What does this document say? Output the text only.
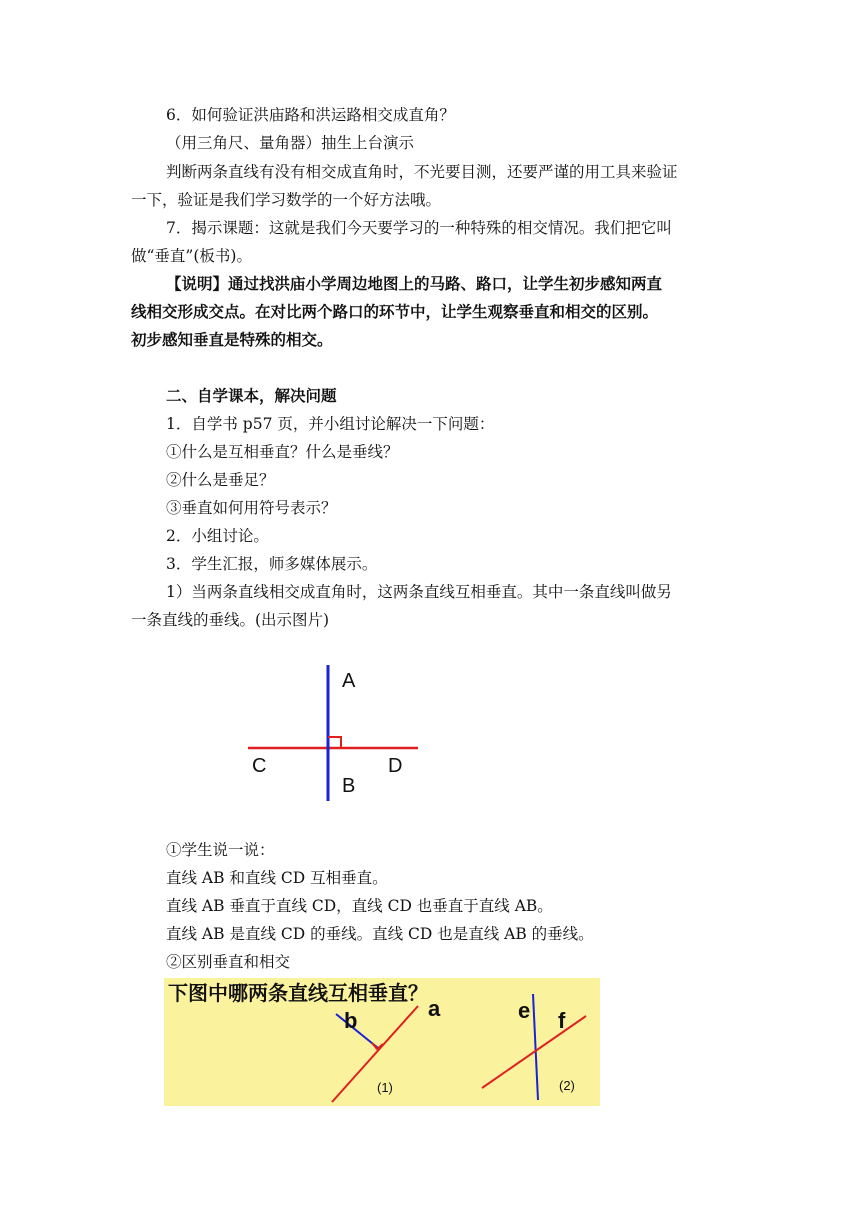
6．如何验证洪庙路和洪运路相交成直角？
（用三角尺、量角器）抽生上台演示
判断两条直线有没有相交成直角时，不光要目测，还要严谨的用工具来验证
一下，验证是我们学习数学的一个好方法哦。
7．揭示课题：这就是我们今天要学习的一种特殊的相交情况。我们把它叫
做“垂直”(板书)。
【说明】通过找洪庙小学周边地图上的马路、路口，让学生初步感知两直
线相交形成交点。在对比两个路口的环节中，让学生观察垂直和相交的区别。
初步感知垂直是特殊的相交。
二、自学课本，解决问题
1．自学书 p57 页，并小组讨论解决一下问题：
①什么是互相垂直？什么是垂线？
②什么是垂足？
③垂直如何用符号表示？
2．小组讨论。
3．学生汇报，师多媒体展示。
1）当两条直线相交成直角时，这两条直线互相垂直。其中一条直线叫做另
一条直线的垂线。(出示图片)
A
C	D
B
①学生说一说：
直线 AB 和直线 CD 互相垂直。
直线 AB 垂直于直线 CD，直线 CD 也垂直于直线 AB。
直线 AB 是直线 CD 的垂线。直线 CD 也是直线 AB 的垂线。
②区别垂直和相交
下图中哪两条直线互相垂直？
b	a
(1)
e f
(2)
